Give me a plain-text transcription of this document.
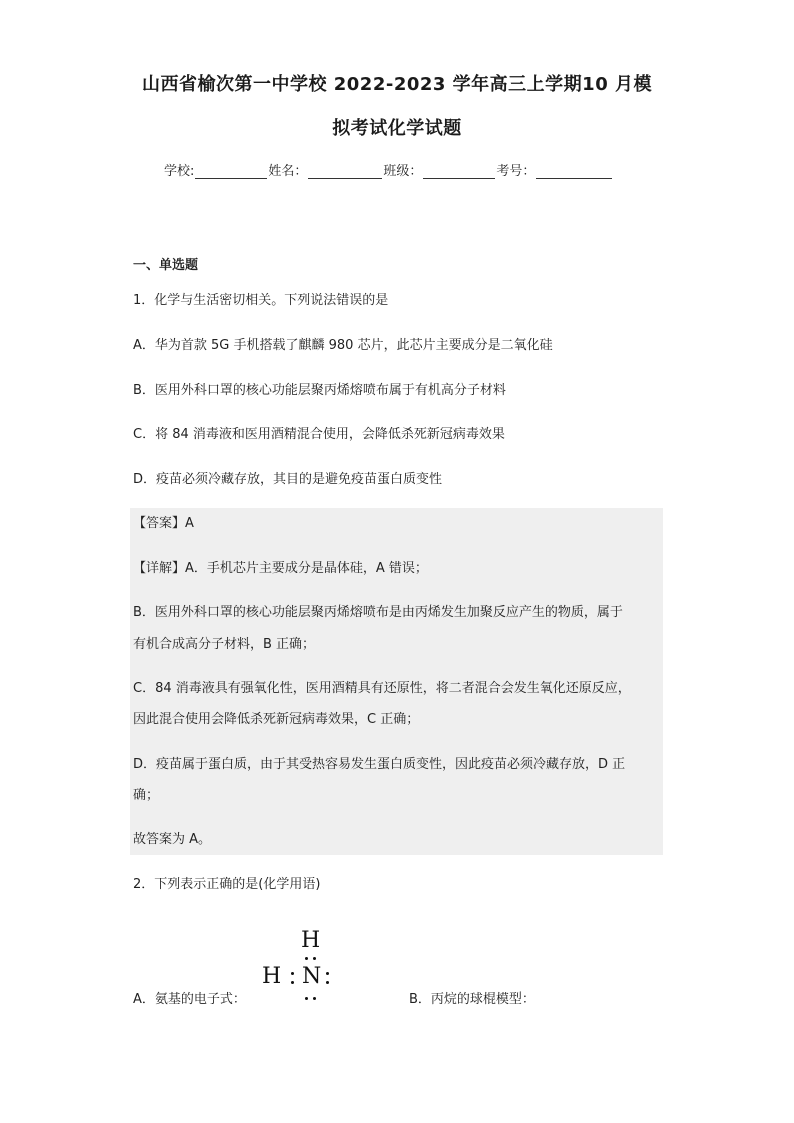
山西省榆次第一中学校 2022-2023 学年高三上学期10 月模
拟考试化学试题
学校:	姓名：	班级：	考号：
一、单选题
1．化学与生活密切相关。下列说法错误的是
A．华为首款 5G 手机搭载了麒麟 980 芯片，此芯片主要成分是二氧化硅
B．医用外科口罩的核心功能层聚丙烯熔喷布属于有机高分子材料
C．将 84 消毒液和医用酒精混合使用，会降低杀死新冠病毒效果
D．疫苗必须冷藏存放，其目的是避免疫苗蛋白质变性
【答案】A
【详解】A．手机芯片主要成分是晶体硅，A 错误；
B．医用外科口罩的核心功能层聚丙烯熔喷布是由丙烯发生加聚反应产生的物质，属于
有机合成高分子材料，B 正确；
C．84 消毒液具有强氧化性，医用酒精具有还原性，将二者混合会发生氧化还原反应，
因此混合使用会降低杀死新冠病毒效果，C 正确；
D．疫苗属于蛋白质，由于其受热容易发生蛋白质变性，因此疫苗必须冷藏存放，D 正
确；
故答案为 A。
2．下列表示正确的是(化学用语)
H
H N
A．氨基的电子式：	B．丙烷的球棍模型：
